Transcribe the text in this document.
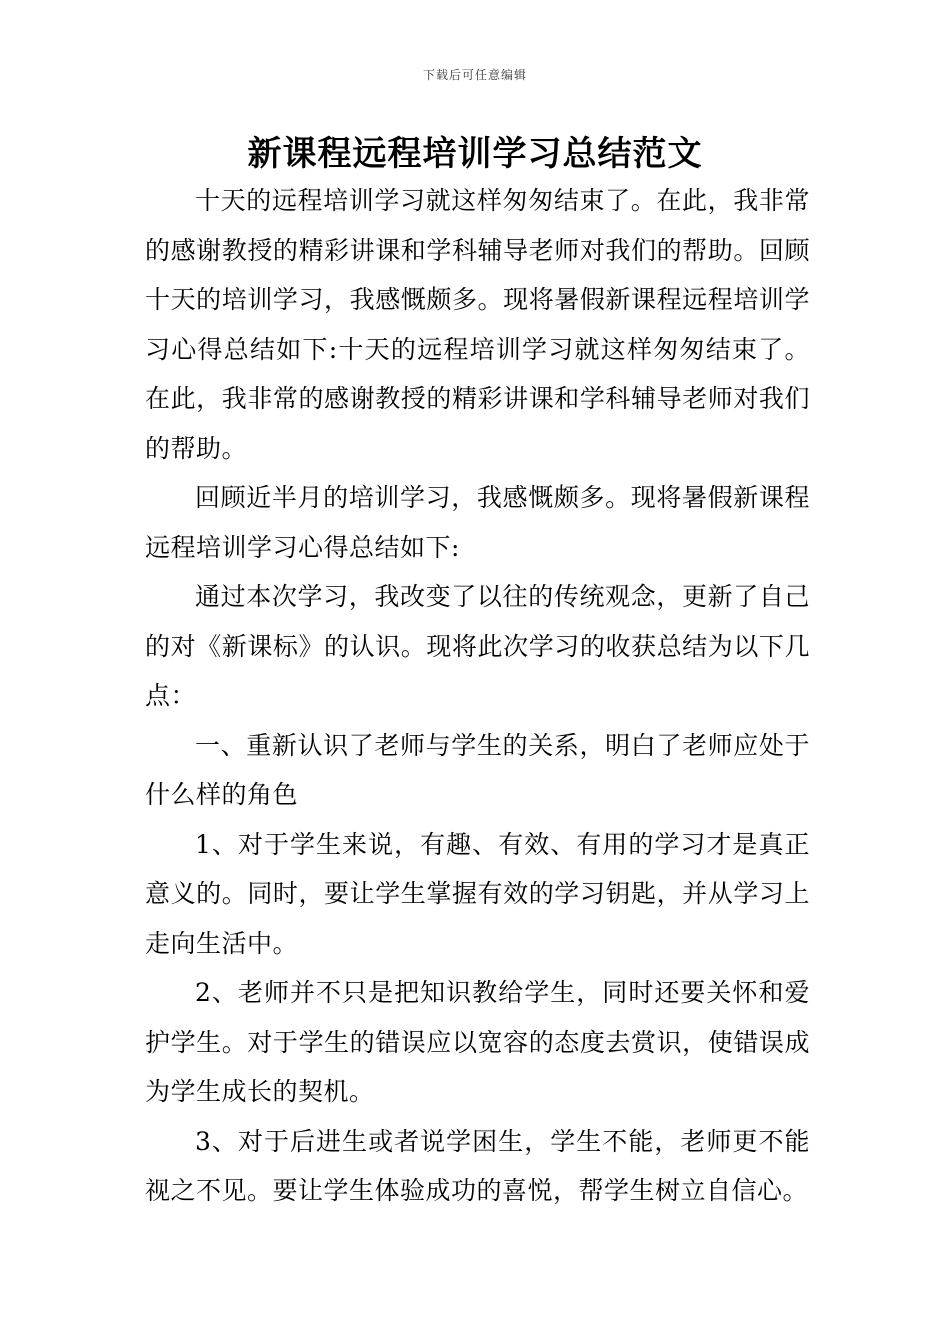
下载后可任意编辑
新课程远程培训学习总结范文

十天的远程培训学习就这样匆匆结束了。在此，我非常的感谢教授的精彩讲课和学科辅导老师对我们的帮助。回顾十天的培训学习，我感慨颇多。现将暑假新课程远程培训学习心得总结如下:十天的远程培训学习就这样匆匆结束了。在此，我非常的感谢教授的精彩讲课和学科辅导老师对我们的帮助。

回顾近半月的培训学习，我感慨颇多。现将暑假新课程远程培训学习心得总结如下:

通过本次学习，我改变了以往的传统观念，更新了自己的对《新课标》的认识。现将此次学习的收获总结为以下几点：

一、重新认识了老师与学生的关系，明白了老师应处于什么样的角色

1、对于学生来说，有趣、有效、有用的学习才是真正意义的。同时，要让学生掌握有效的学习钥匙，并从学习上走向生活中。

2、老师并不只是把知识教给学生，同时还要关怀和爱护学生。对于学生的错误应以宽容的态度去赏识，使错误成为学生成长的契机。

3、对于后进生或者说学困生，学生不能，老师更不能视之不见。要让学生体验成功的喜悦，帮学生树立自信心。
